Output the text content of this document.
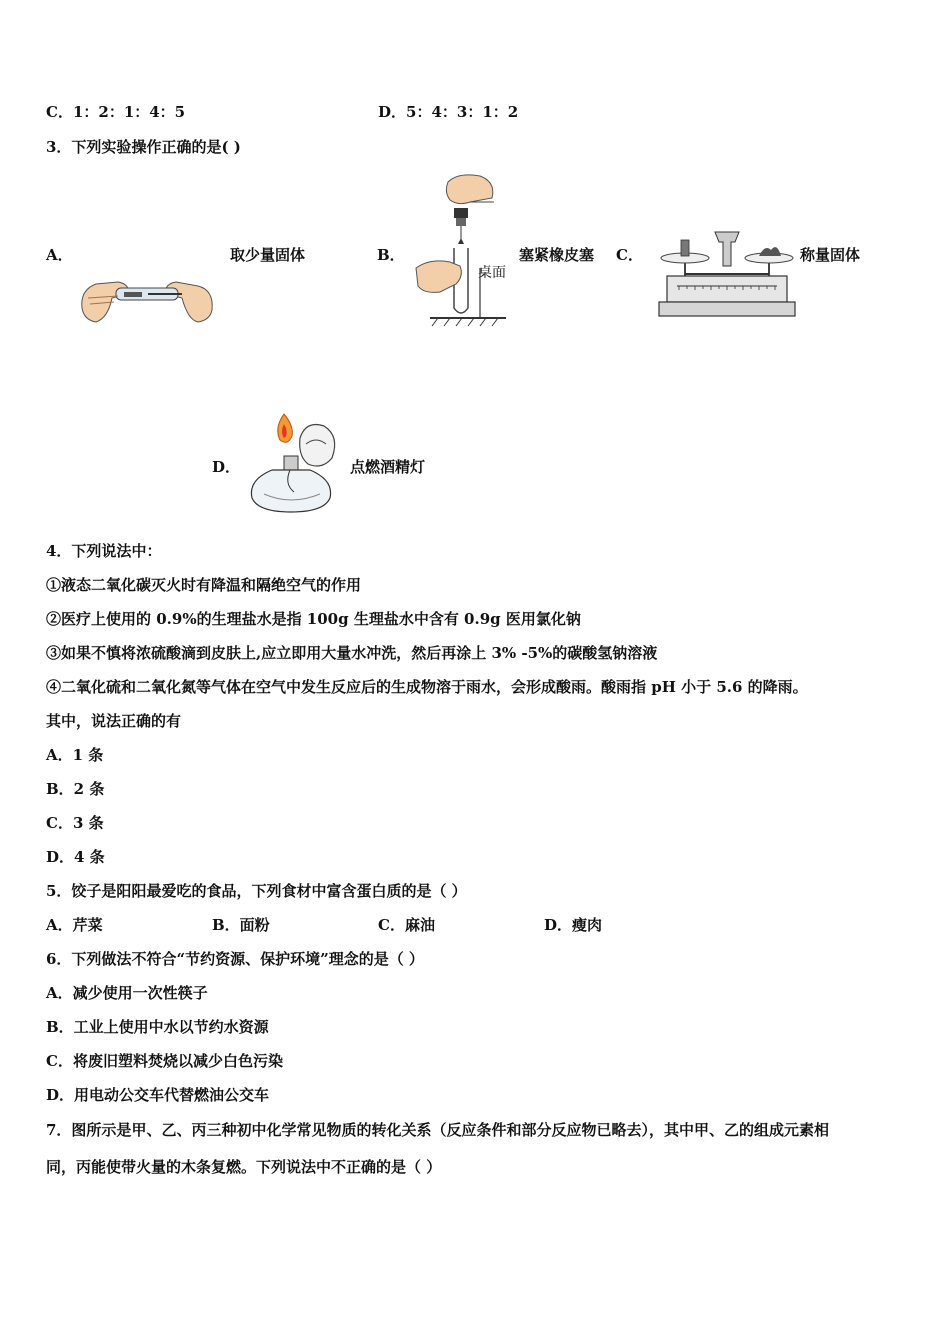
C．1：2：1：4：5	D．5：4：3：1：2
3．下列实验操作正确的是( )
A．	取少量固体	B．
桌面
塞紧橡皮塞 C．	称量固体
D．	点燃酒精灯
4．下列说法中：
①液态二氧化碳灭火时有降温和隔绝空气的作用
②医疗上使用的 0.9%的生理盐水是指 100g 生理盐水中含有 0.9g 医用氯化钠
③如果不慎将浓硫酸滴到皮肤上,应立即用大量水冲洗，然后再涂上 3% -5%的碳酸氢钠溶液
④二氧化硫和二氧化氮等气体在空气中发生反应后的生成物溶于雨水，会形成酸雨。酸雨指 pH 小于 5.6 的降雨。
其中，说法正确的有
A．1 条
B．2 条
C．3 条
D．4 条
5．饺子是阳阳最爱吃的食品，下列食材中富含蛋白质的是（ ）
A．芹菜	B．面粉	C．麻油	D．瘦肉
6．下列做法不符合“节约资源、保护环境”理念的是（ ）
A．减少使用一次性筷子
B．工业上使用中水以节约水资源
C．将废旧塑料焚烧以减少白色污染
D．用电动公交车代替燃油公交车
7．图所示是甲、乙、丙三种初中化学常见物质的转化关系（反应条件和部分反应物已略去），其中甲、乙的组成元素相
同，丙能使带火量的木条复燃。下列说法中不正确的是（ ）
